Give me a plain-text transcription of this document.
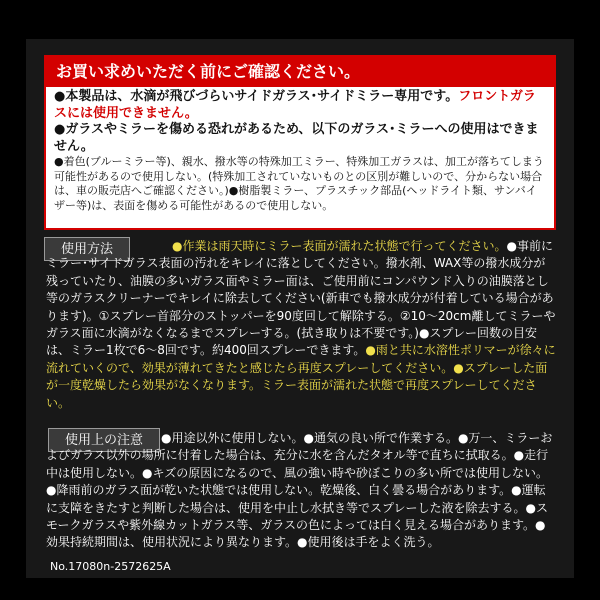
お買い求めいただく前にご確認ください。

●本製品は、水滴が飛びづらいサイドガラス･サイドミラー専用です。フロントガラスには使用できません。

●ガラスやミラーを傷める恐れがあるため、以下のガラス･ミラーへの使用はできません。

●着色(ブルーミラー等)、親水、撥水等の特殊加工ミラー、特殊加工ガラスは、加工が落ちてしまう可能性があるので使用しない。(特殊加工されていないものとの区別が難しいので、分からない場合は、車の販売店へご確認ください。)●樹脂製ミラー、プラスチック部品(ヘッドライト類、サンバイザー等)は、表面を傷める可能性があるので使用しない。

使用方法	●作業は雨天時にミラー表面が濡れた状態で行ってください。●事前にミラー･サイドガラス表面の汚れをキレイに落としてください。撥水剤、WAX等の撥水成分が残っていたり、油膜の多いガラス面やミラー面は、ご使用前にコンパウンド入りの油膜落とし等のガラスクリーナーでキレイに除去してください(新車でも撥水成分が付着している場合があります)。①スプレー首部分のストッパーを90度回して解除する。②10～20cm離してミラーやガラス面に水滴がなくなるまでスプレーする。(拭き取りは不要です。)●スプレー回数の目安は、ミラー1枚で6～8回です。約400回スプレーできます。●雨と共に水溶性ポリマーが徐々に流れていくので、効果が薄れてきたと感じたら再度スプレーしてください。●スプレーした面が一度乾燥したら効果がなくなります。ミラー表面が濡れた状態で再度スプレーしてください。

使用上の注意	●用途以外に使用しない。●通気の良い所で作業する。●万一、ミラーおよびガラス以外の場所に付着した場合は、充分に水を含んだタオル等で直ちに拭取る。●走行中は使用しない。●キズの原因になるので、風の強い時や砂ぼこりの多い所では使用しない。●降雨前のガラス面が乾いた状態では使用しない。乾燥後、白く曇る場合があります。●運転に支障をきたすと判断した場合は、使用を中止し水拭き等でスプレーした液を除去する。●スモークガラスや紫外線カットガラス等、ガラスの色によっては白く見える場合があります。●効果持続期間は、使用状況により異なります。●使用後は手をよく洗う。

No.17080n-2572625A
